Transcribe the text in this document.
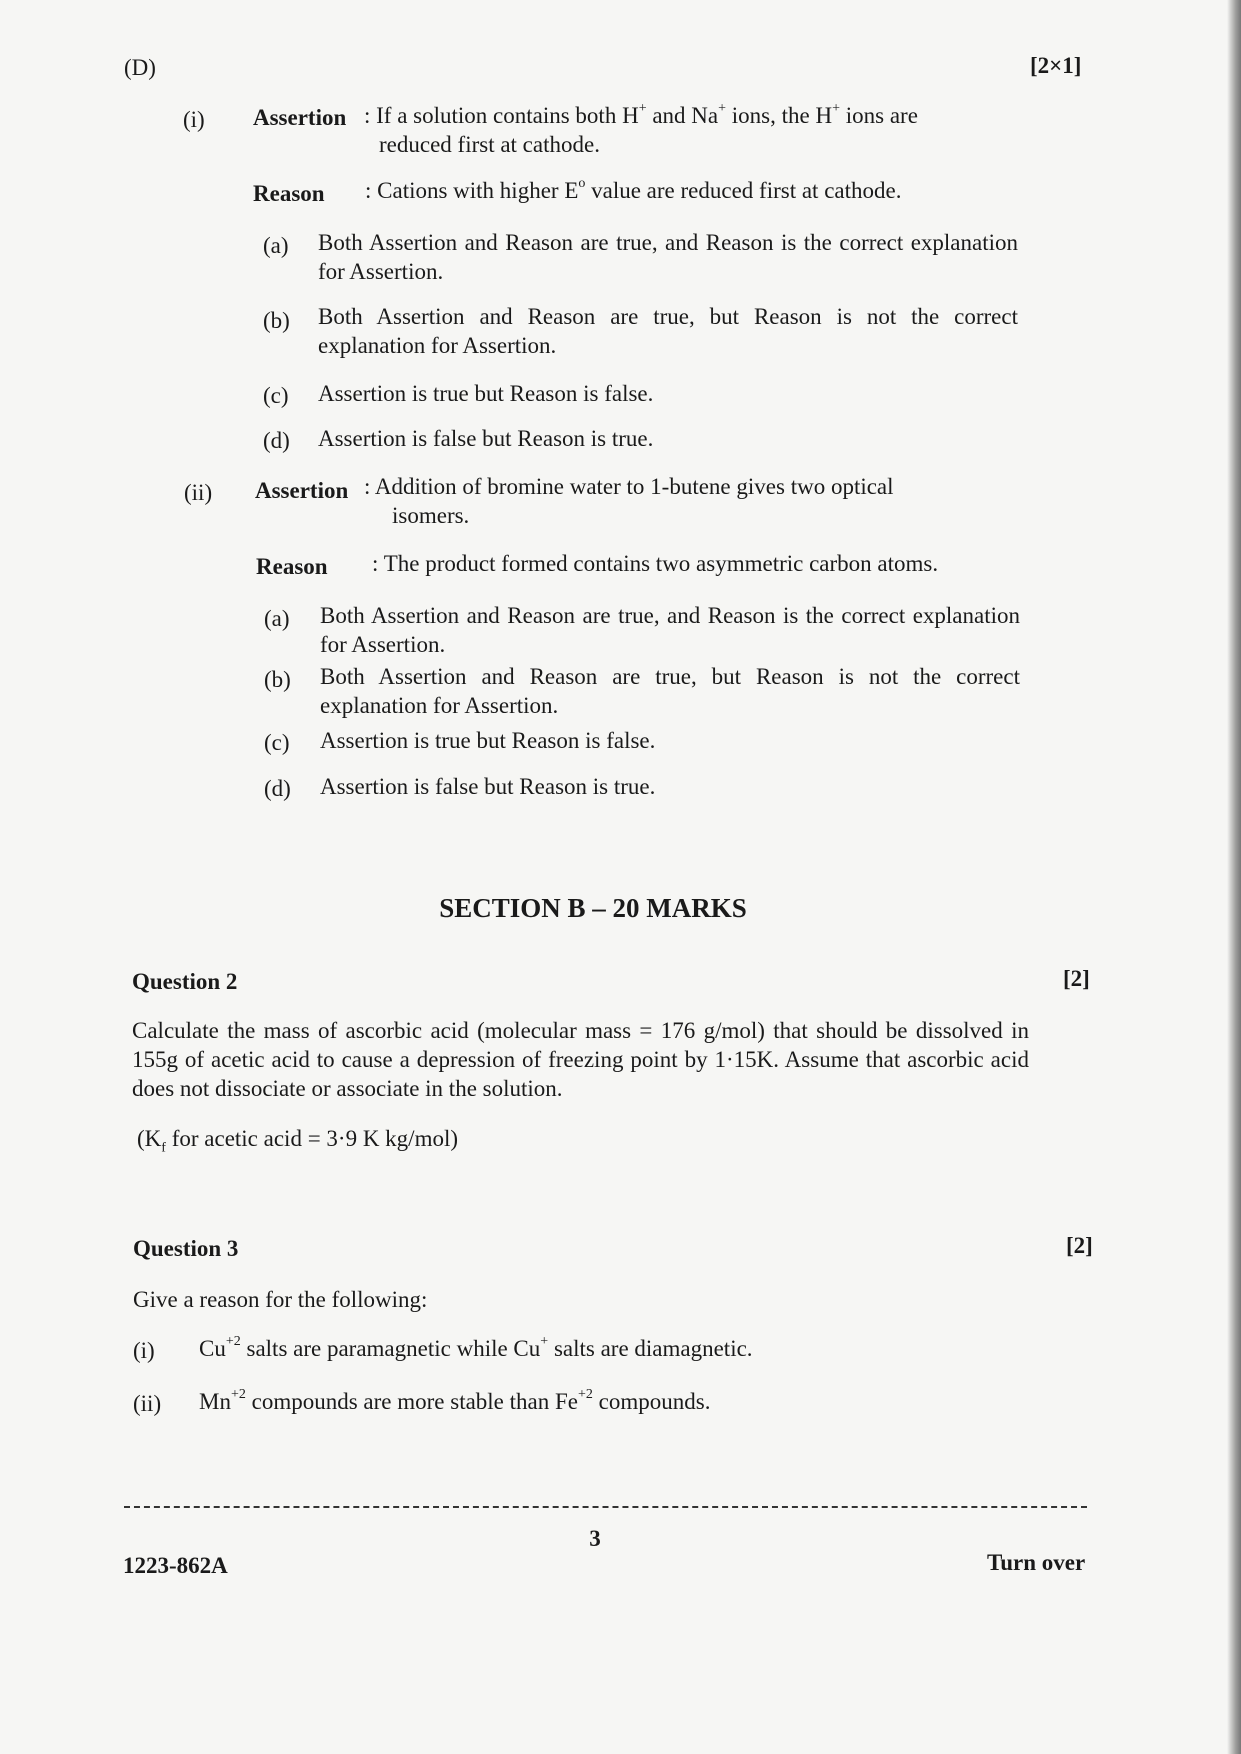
(D)	[2×1]
(i) Assertion : If a solution contains both H+ and Na+ ions, the H+ ions are
reduced first at cathode.
Reason : Cations with higher $E^o$ value are reduced first at cathode.
(a) Both Assertion and Reason are true, and Reason is the correct explanation for Assertion.
(b) Both Assertion and Reason are true, but Reason is not the correct explanation for Assertion.
(c) Assertion is true but Reason is false.
(d) Assertion is false but Reason is true.
(ii) Assertion : Addition of bromine water to 1-butene gives two optical
isomers.
Reason : The product formed contains two asymmetric carbon atoms.
(a) Both Assertion and Reason are true, and Reason is the correct explanation for Assertion.
(b) Both Assertion and Reason are true, but Reason is not the correct explanation for Assertion.
(c) Assertion is true but Reason is false.
(d) Assertion is false but Reason is true.
SECTION B – 20 MARKS
Question 2	[2]
Calculate the mass of ascorbic acid (molecular mass = 176 g/mol) that should be dissolved in 155g of acetic acid to cause a depression of freezing point by 1·15K. Assume that ascorbic acid does not dissociate or associate in the solution.
($K_f$ for acetic acid = 3·9 K kg/mol)
Question 3	[2]
Give a reason for the following:
(i) $Cu^{+2}$ salts are paramagnetic while Cu+ salts are diamagnetic.
(ii) $Mn^{+2}$ compounds are more stable than $Fe^{+2}$ compounds.
3
1223-862A	Turn over
